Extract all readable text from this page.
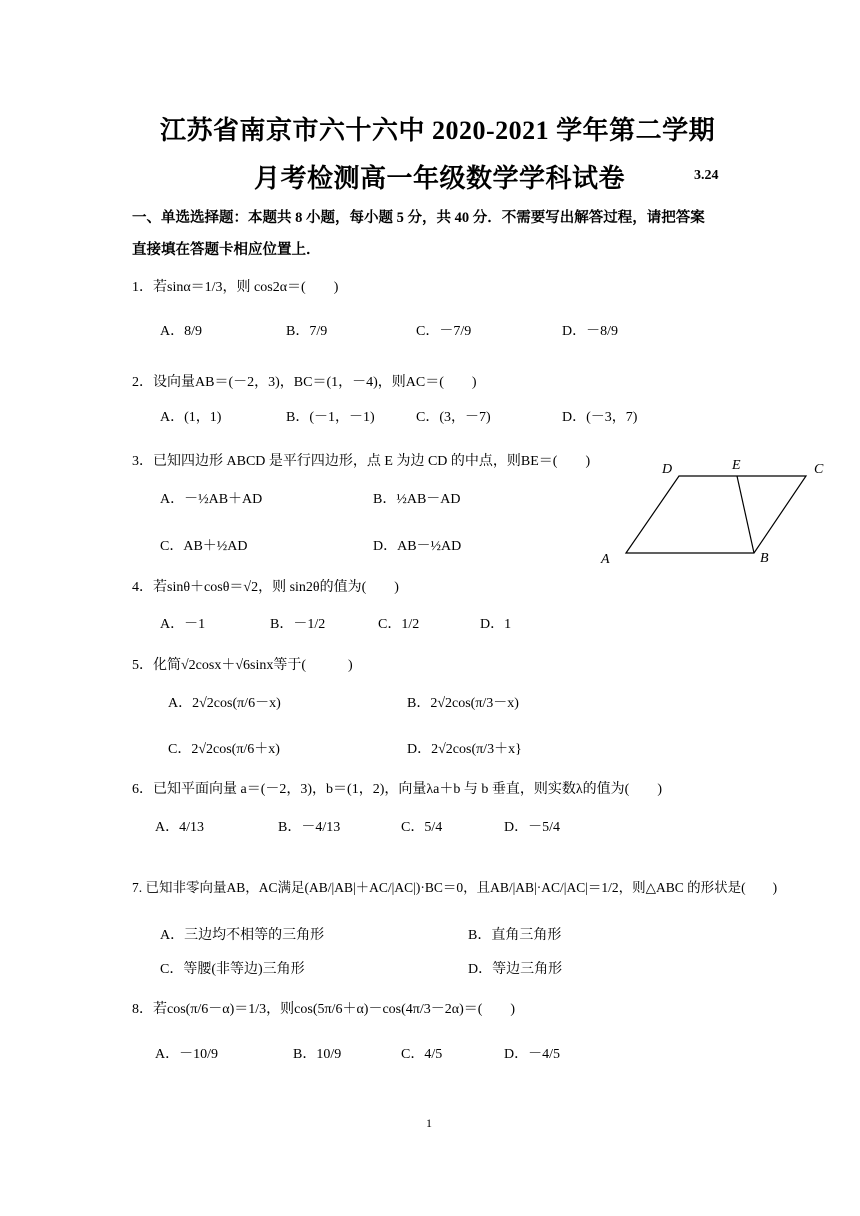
江苏省南京市六十六中 2020-2021 学年第二学期
月考检测高一年级数学学科试卷	3.24
一、单选选择题：本题共 8 小题，每小题 5 分，共 40 分．不需要写出解答过程，请把答案
直接填在答题卡相应位置上．
1．若sinα＝1/3，则 cos2α＝(　　)
A．8/9	B．7/9	C．－7/9	D．－8/9
2．设向量AB＝(－2，3)，BC＝(1，－4)，则AC＝(　　)
A．(1，1)	B．(－1，－1)	C．(3，－7)	D．(－3，7)
3．已知四边形 ABCD 是平行四边形，点 E 为边 CD 的中点，则BE＝(　　)
A．－½AB＋AD	B．½AB－AD
C．AB＋½AD	D．AB－½AD
D	E	C
A	B
4．若sinθ＋cosθ＝√2，则 sin2θ的值为(　　)
A．－1	B．－1/2	C．1/2	D．1
5．化简√2cosx＋√6sinx等于(　　　)
A．2√2cos(π/6－x)	B．2√2cos(π/3－x)
C．2√2cos(π/6＋x)	D．2√2cos(π/3＋x}
6．已知平面向量 a＝(－2，3)，b＝(1，2)，向量λa＋b 与 b 垂直，则实数λ的值为(　　)
A．4/13	B．－4/13	C．5/4	D．－5/4
7. 已知非零向量AB，AC满足(AB/|AB|＋AC/|AC|)·BC＝0，且AB/|AB|·AC/|AC|＝1/2，则△ABC 的形状是(　　)
A．三边均不相等的三角形	B．直角三角形
C．等腰(非等边)三角形	D．等边三角形
8．若cos(π/6－α)＝1/3，则cos(5π/6＋α)－cos(4π/3－2α)＝(　　)
A．－10/9	B．10/9	C．4/5	D．－4/5
1
